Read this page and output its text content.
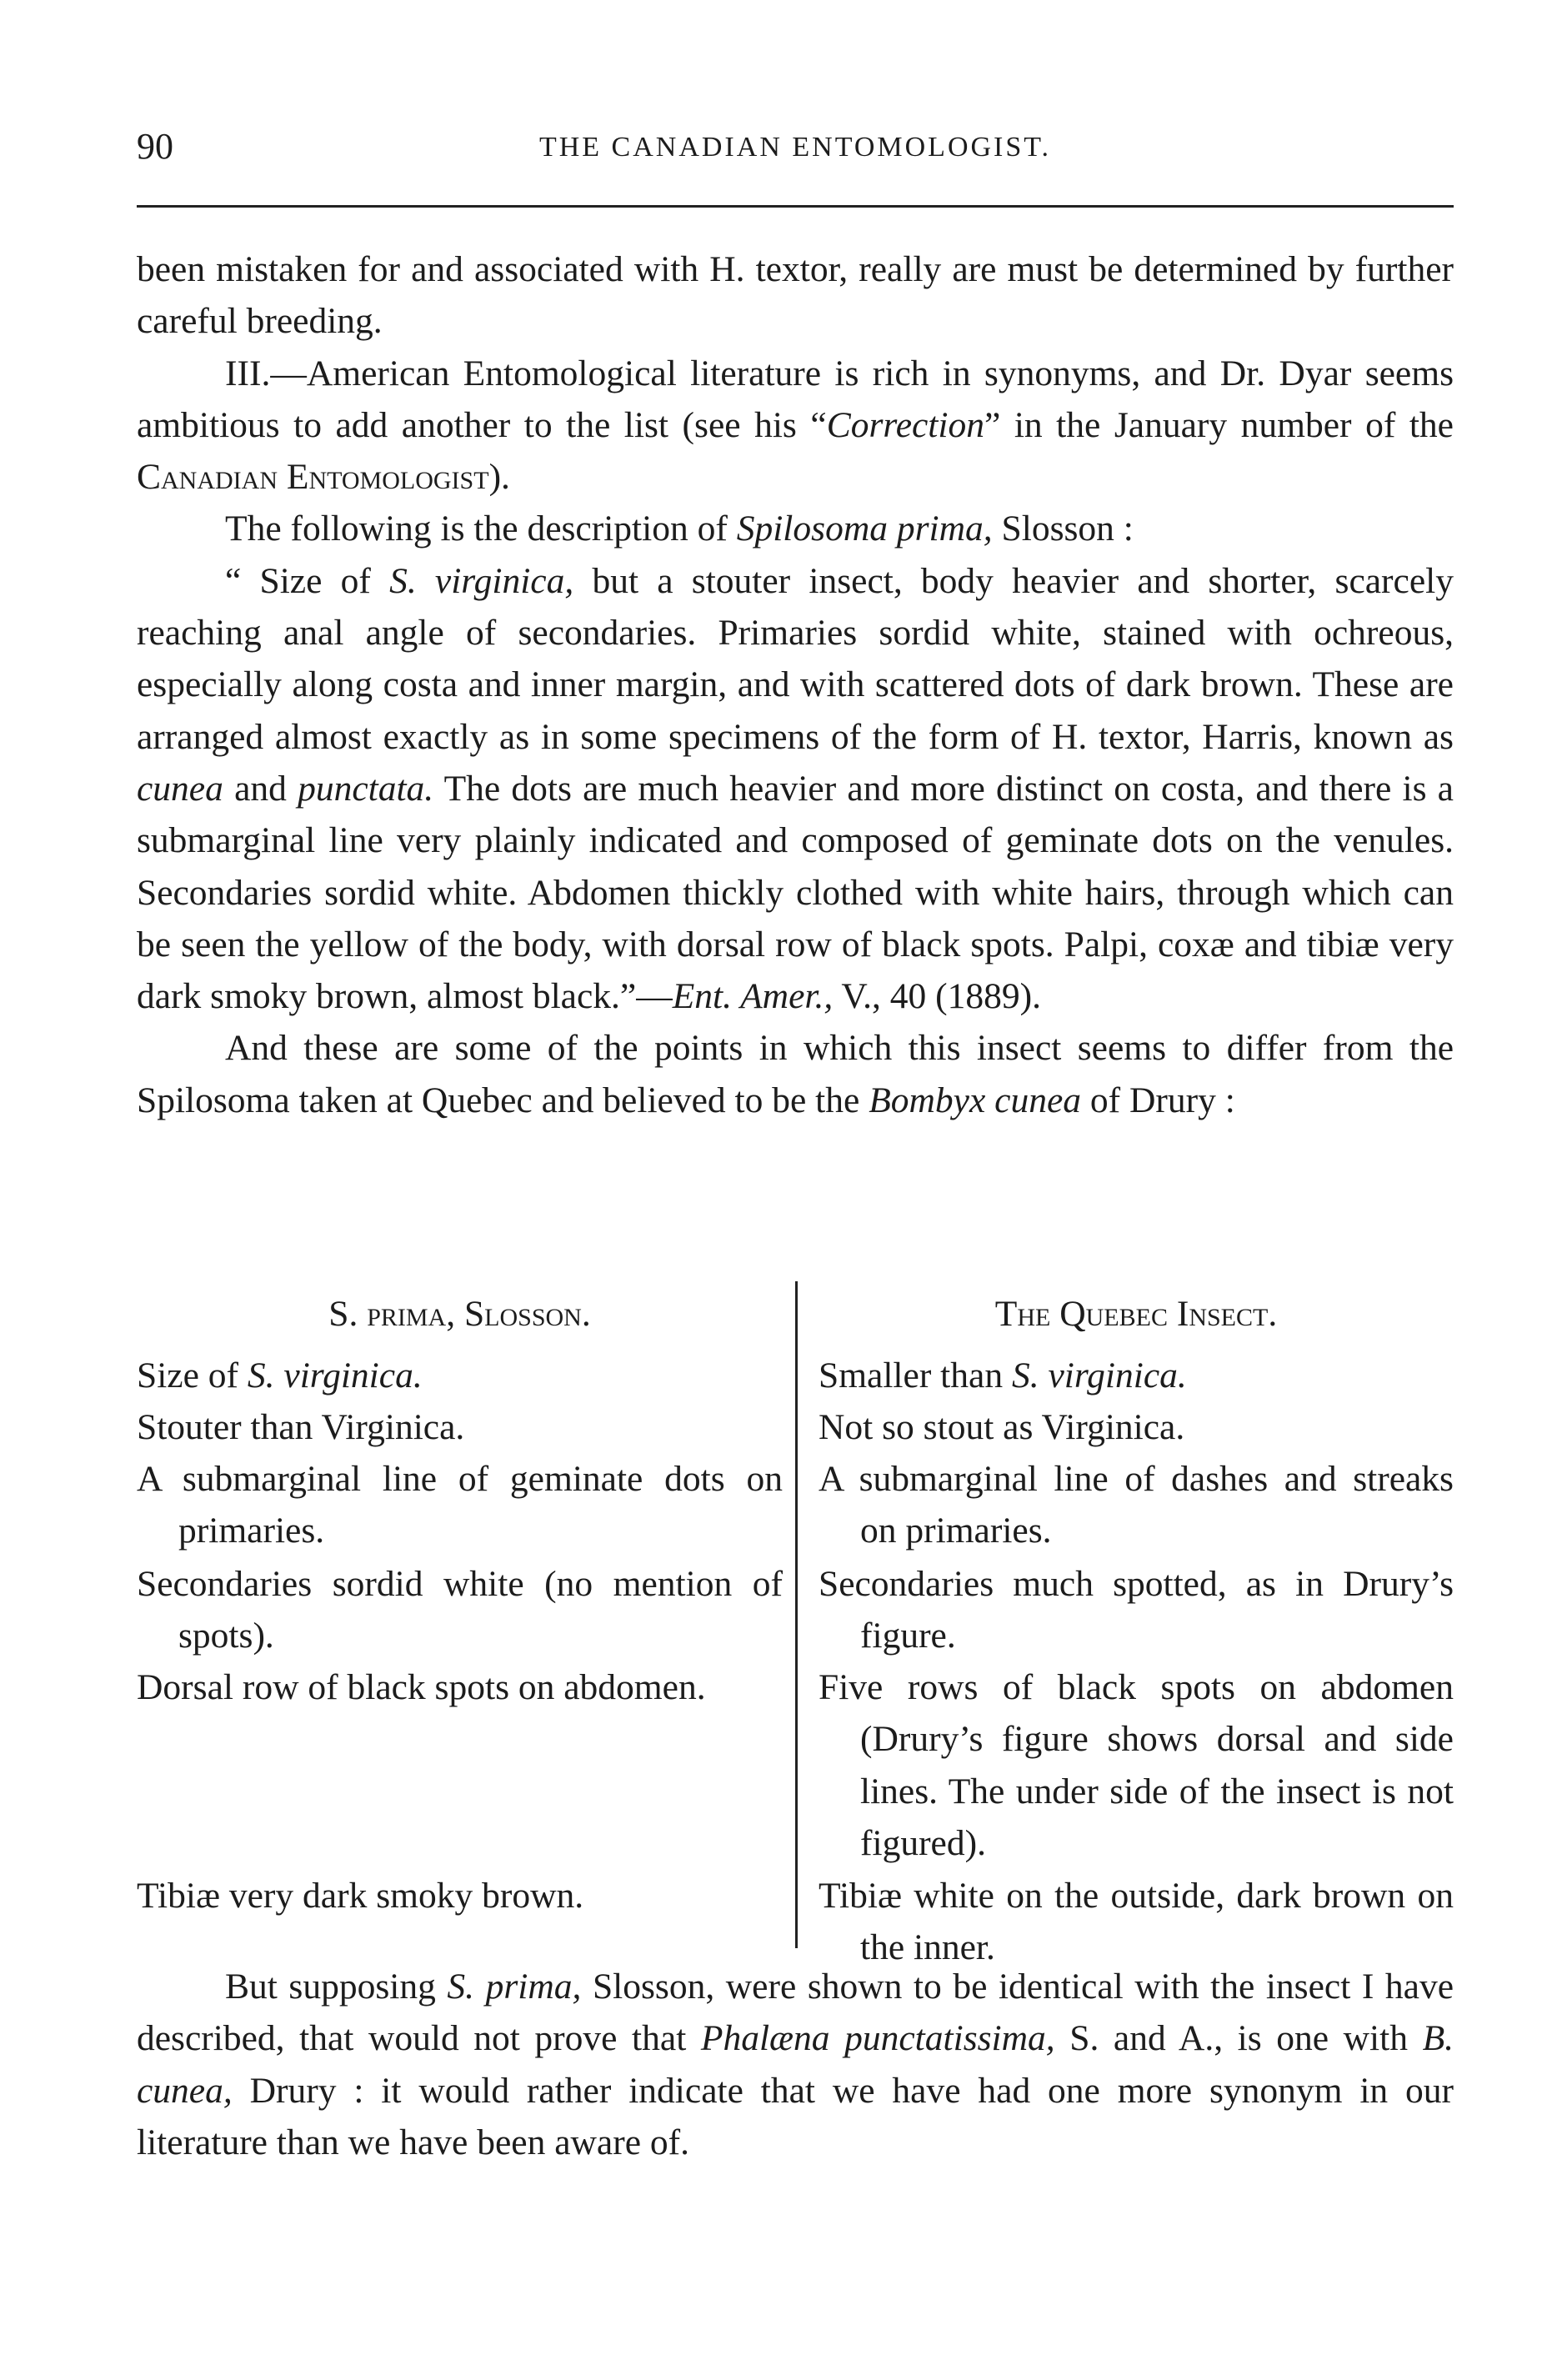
90	THE CANADIAN ENTOMOLOGIST.

been mistaken for and associated with H. textor, really are must be determined by further careful breeding.

III.—American Entomological literature is rich in synonyms, and Dr. Dyar seems ambitious to add another to the list (see his “Correction” in the January number of the Canadian Entomologist).

The following is the description of Spilosoma prima, Slosson :

“ Size of S. virginica, but a stouter insect, body heavier and shorter, scarcely reaching anal angle of secondaries. Primaries sordid white, stained with ochreous, especially along costa and inner margin, and with scattered dots of dark brown. These are arranged almost exactly as in some specimens of the form of H. textor, Harris, known as cunea and punctata. The dots are much heavier and more distinct on costa, and there is a submarginal line very plainly indicated and composed of geminate dots on the venules. Secondaries sordid white. Abdomen thickly clothed with white hairs, through which can be seen the yellow of the body, with dorsal row of black spots. Palpi, coxæ and tibiæ very dark smoky brown, almost black.”—Ent. Amer., V., 40 (1889).

And these are some of the points in which this insect seems to differ from the Spilosoma taken at Quebec and believed to be the Bombyx cunea of Drury :

S. prima, Slosson.
Size of S. virginica.
Stouter than Virginica.
A submarginal line of geminate dots on primaries.
Secondaries sordid white (no mention of spots).
Dorsal row of black spots on abdomen.
Tibiæ very dark smoky brown.
The Quebec Insect.
Smaller than S. virginica.
Not so stout as Virginica.
A submarginal line of dashes and streaks on primaries.
Secondaries much spotted, as in Drury’s figure.
Five rows of black spots on abdomen (Drury’s figure shows dorsal and side lines. The under side of the insect is not figured).
Tibiæ white on the outside, dark brown on the inner.

But supposing S. prima, Slosson, were shown to be identical with the insect I have described, that would not prove that Phalæna punctatissima, S. and A., is one with B. cunea, Drury : it would rather indicate that we have had one more synonym in our literature than we have been aware of.
